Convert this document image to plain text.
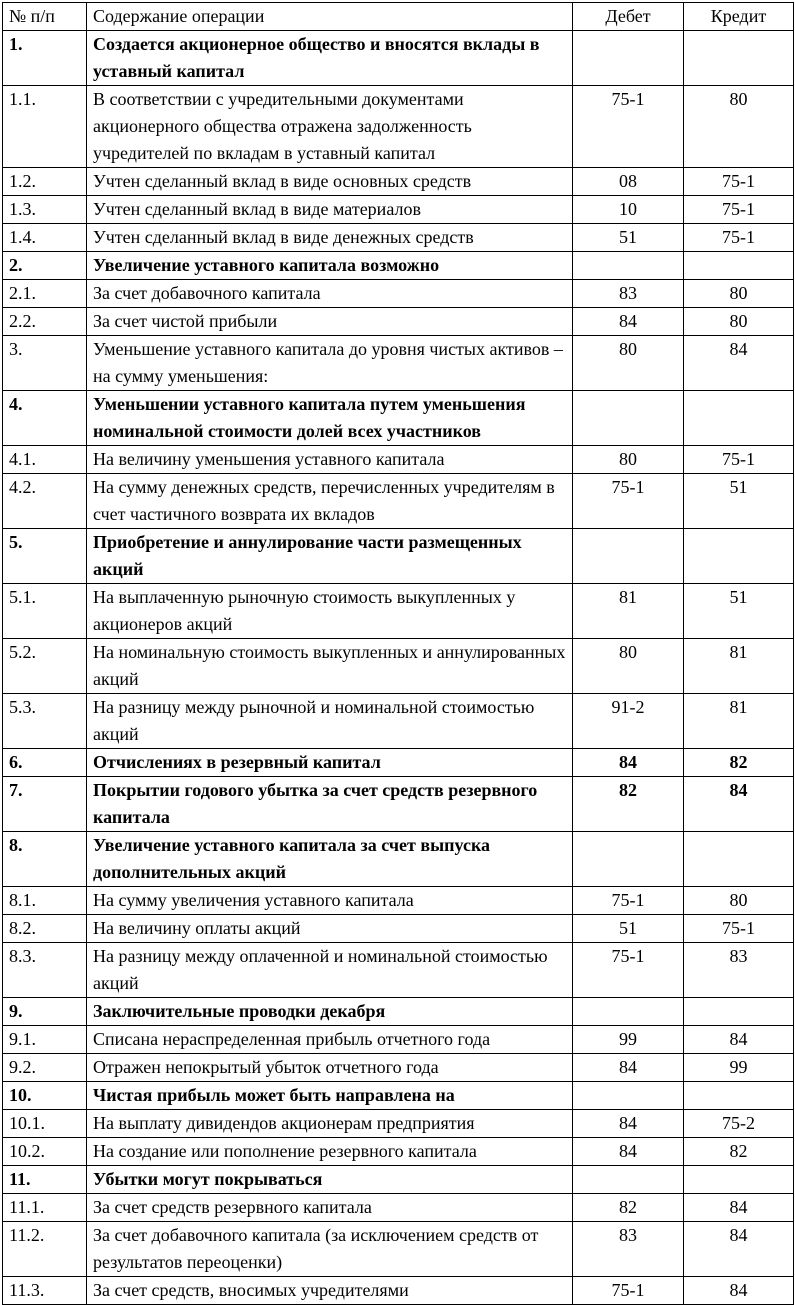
№ п/п	Содержание операции	Дебет	Кредит
1.	Создается акционерное общество и вносятся вклады в уставный капитал		
1.1.	В соответствии с учредительными документами акционерного общества отражена задолженность учредителей по вкладам в уставный капитал	75-1	80
1.2.	Учтен сделанный вклад в виде основных средств	08	75-1
1.3.	Учтен сделанный вклад в виде материалов	10	75-1
1.4.	Учтен сделанный вклад в виде денежных средств	51	75-1
2.	Увеличение уставного капитала возможно		
2.1.	За счет добавочного капитала	83	80
2.2.	За счет чистой прибыли	84	80
3.	Уменьшение уставного капитала до уровня чистых активов – на сумму уменьшения:	80	84
4.	Уменьшении уставного капитала путем уменьшения номинальной стоимости долей всех участников		
4.1.	На величину уменьшения уставного капитала	80	75-1
4.2.	На сумму денежных средств, перечисленных учредителям в счет частичного возврата их вкладов	75-1	51
5.	Приобретение и аннулирование части размещенных акций		
5.1.	На выплаченную рыночную стоимость выкупленных у акционеров акций	81	51
5.2.	На номинальную стоимость выкупленных и аннулированных акций	80	81
5.3.	На разницу между рыночной и номинальной стоимостью акций	91-2	81
6.	Отчислениях в резервный капитал	84	82
7.	Покрытии годового убытка за счет средств резервного капитала	82	84
8.	Увеличение уставного капитала за счет выпуска дополнительных акций		
8.1.	На сумму увеличения уставного капитала	75-1	80
8.2.	На величину оплаты акций	51	75-1
8.3.	На разницу между оплаченной и номинальной стоимостью акций	75-1	83
9.	Заключительные проводки декабря		
9.1.	Списана нераспределенная прибыль отчетного года	99	84
9.2.	Отражен непокрытый убыток отчетного года	84	99
10.	Чистая прибыль может быть направлена на		
10.1.	На выплату дивидендов акционерам предприятия	84	75-2
10.2.	На создание или пополнение резервного капитала	84	82
11.	Убытки могут покрываться		
11.1.	За счет средств резервного капитала	82	84
11.2.	За счет добавочного капитала (за исключением средств от результатов переоценки)	83	84
11.3.	За счет средств, вносимых учредителями	75-1	84
